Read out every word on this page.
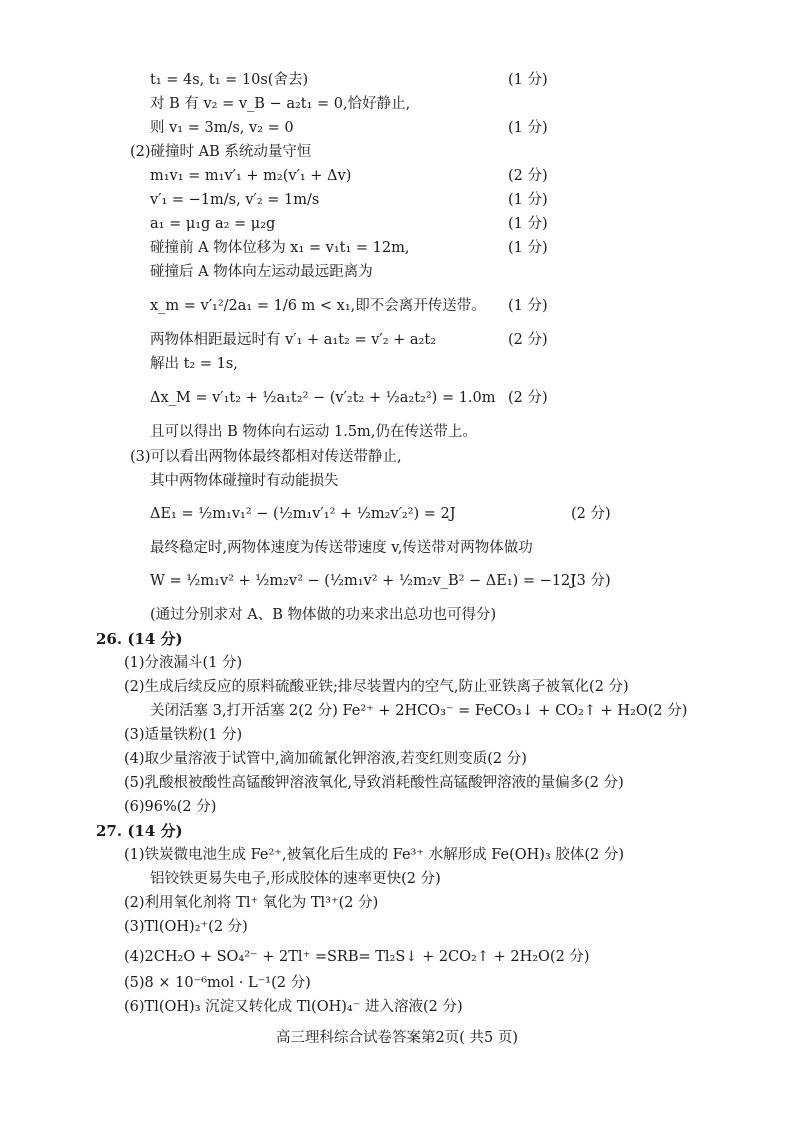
t₁ = 4s, t₁ = 10s(舍去)
对 B 有 v₂ = v_B − a₂t₁ = 0,恰好静止,
则 v₁ = 3m/s, v₂ = 0
(2)碰撞时 AB 系统动量守恒
m₁v₁ = m₁v′₁ + m₂(v′₁ + Δv)
v′₁ = −1m/s, v′₂ = 1m/s
a₁ = μ₁g a₂ = μ₂g
碰撞前 A 物体位移为 x₁ = v₁t₁ = 12m,
碰撞后 A 物体向左运动最远距离为
x_m = v′₁²/2a₁ = 1/6 m < x₁,即不会离开传送带。
两物体相距最远时有 v′₁ + a₁t₂ = v′₂ + a₂t₂
解出 t₂ = 1s,
Δx_M = v′₁t₂ + ½a₁t₂² − (v′₂t₂ + ½a₂t₂²) = 1.0m
且可以得出 B 物体向右运动 1.5m,仍在传送带上。
(3)可以看出两物体最终都相对传送带静止,
其中两物体碰撞时有动能损失
ΔE₁ = ½m₁v₁² − (½m₁v′₁² + ½m₂v′₂²) = 2J
最终稳定时,两物体速度为传送带速度 v,传送带对两物体做功
W = ½m₁v² + ½m₂v² − (½m₁v² + ½m₂v_B² − ΔE₁) = −12J
(通过分别求对 A、B 物体做的功来求出总功也可得分)
26. (14 分)
(1)分液漏斗(1 分)
(2)生成后续反应的原料硫酸亚铁;排尽装置内的空气,防止亚铁离子被氧化(2 分)
关闭活塞 3,打开活塞 2(2 分) Fe²⁺ + 2HCO₃⁻ = FeCO₃↓ + CO₂↑ + H₂O(2 分)
(3)适量铁粉(1 分)
(4)取少量溶液于试管中,滴加硫氰化钾溶液,若变红则变质(2 分)
(5)乳酸根被酸性高锰酸钾溶液氧化,导致消耗酸性高锰酸钾溶液的量偏多(2 分)
(6)96%(2 分)
27. (14 分)
(1)铁炭微电池生成 Fe²⁺,被氧化后生成的 Fe³⁺ 水解形成 Fe(OH)₃ 胶体(2 分)
铝铰铁更易失电子,形成胶体的速率更快(2 分)
(2)利用氧化剂将 Tl⁺ 氧化为 Tl³⁺(2 分)
(3)Tl(OH)₂⁺(2 分)
(4)2CH₂O + SO₄²⁻ + 2Tl⁺ =SRB= Tl₂S↓ + 2CO₂↑ + 2H₂O(2 分)
(5)8 × 10⁻⁶mol · L⁻¹(2 分)
(6)Tl(OH)₃ 沉淀又转化成 Tl(OH)₄⁻ 进入溶液(2 分)
(1 分)
(1 分)
(2 分)
(1 分)
(1 分)
(1 分)
(1 分)
(2 分)
(2 分)
(2 分)
(3 分)
高三理科综合试卷答案第2页( 共5 页)
